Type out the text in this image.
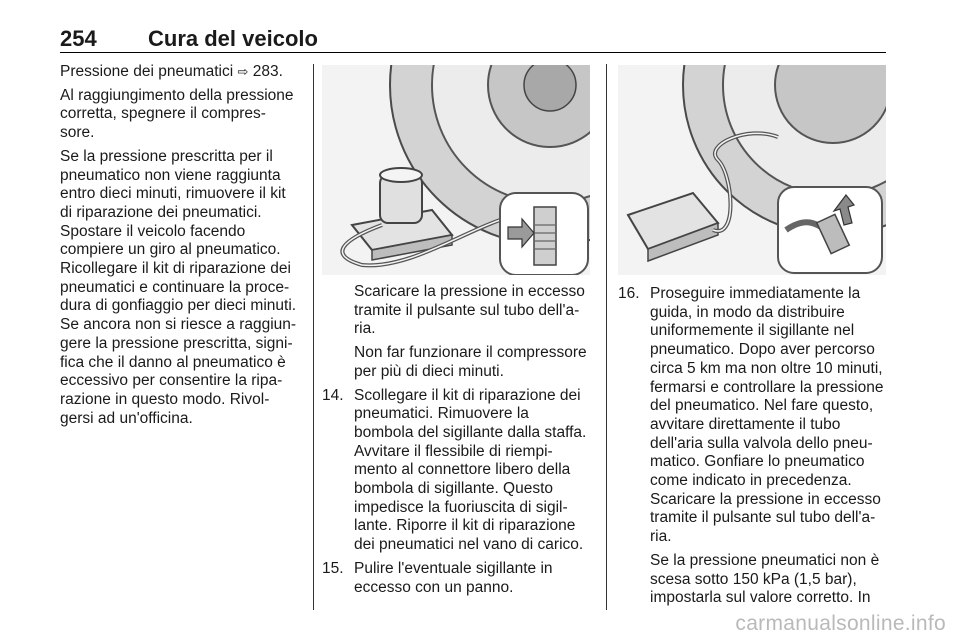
254 Cura del veicolo

Pressione dei pneumatici ⇨ 283.

Al raggiungimento della pressione corretta, spegnere il compres- sore.

Se la pressione prescritta per il pneumatico non viene raggiunta entro dieci minuti, rimuovere il kit di riparazione dei pneumatici. Spostare il veicolo facendo compiere un giro al pneumatico. Ricollegare il kit di riparazione dei pneumatici e continuare la proce- dura di gonfiaggio per dieci minuti. Se ancora non si riesce a raggiun- gere la pressione prescritta, signi- fica che il danno al pneumatico è eccessivo per consentire la ripa- razione in questo modo. Rivol- gersi ad un'officina.

Scaricare la pressione in eccesso tramite il pulsante sul tubo dell'a- ria.

Non far funzionare il compressore per più di dieci minuti.

14. Scollegare il kit di riparazione dei pneumatici. Rimuovere la bombola del sigillante dalla staffa. Avvitare il flessibile di riempi- mento al connettore libero della bombola di sigillante. Questo impedisce la fuoriuscita di sigil- lante. Riporre il kit di riparazione dei pneumatici nel vano di carico.
15. Pulire l'eventuale sigillante in eccesso con un panno.
16. Proseguire immediatamente la guida, in modo da distribuire uniformemente il sigillante nel pneumatico. Dopo aver percorso circa 5 km ma non oltre 10 minuti, fermarsi e controllare la pressione del pneumatico. Nel fare questo, avvitare direttamente il tubo dell'aria sulla valvola dello pneu- matico. Gonfiare lo pneumatico come indicato in precedenza. Scaricare la pressione in eccesso tramite il pulsante sul tubo dell'a- ria.

Se la pressione pneumatici non è scesa sotto 150 kPa (1,5 bar), impostarla sul valore corretto. In

carmanualsonline.info
